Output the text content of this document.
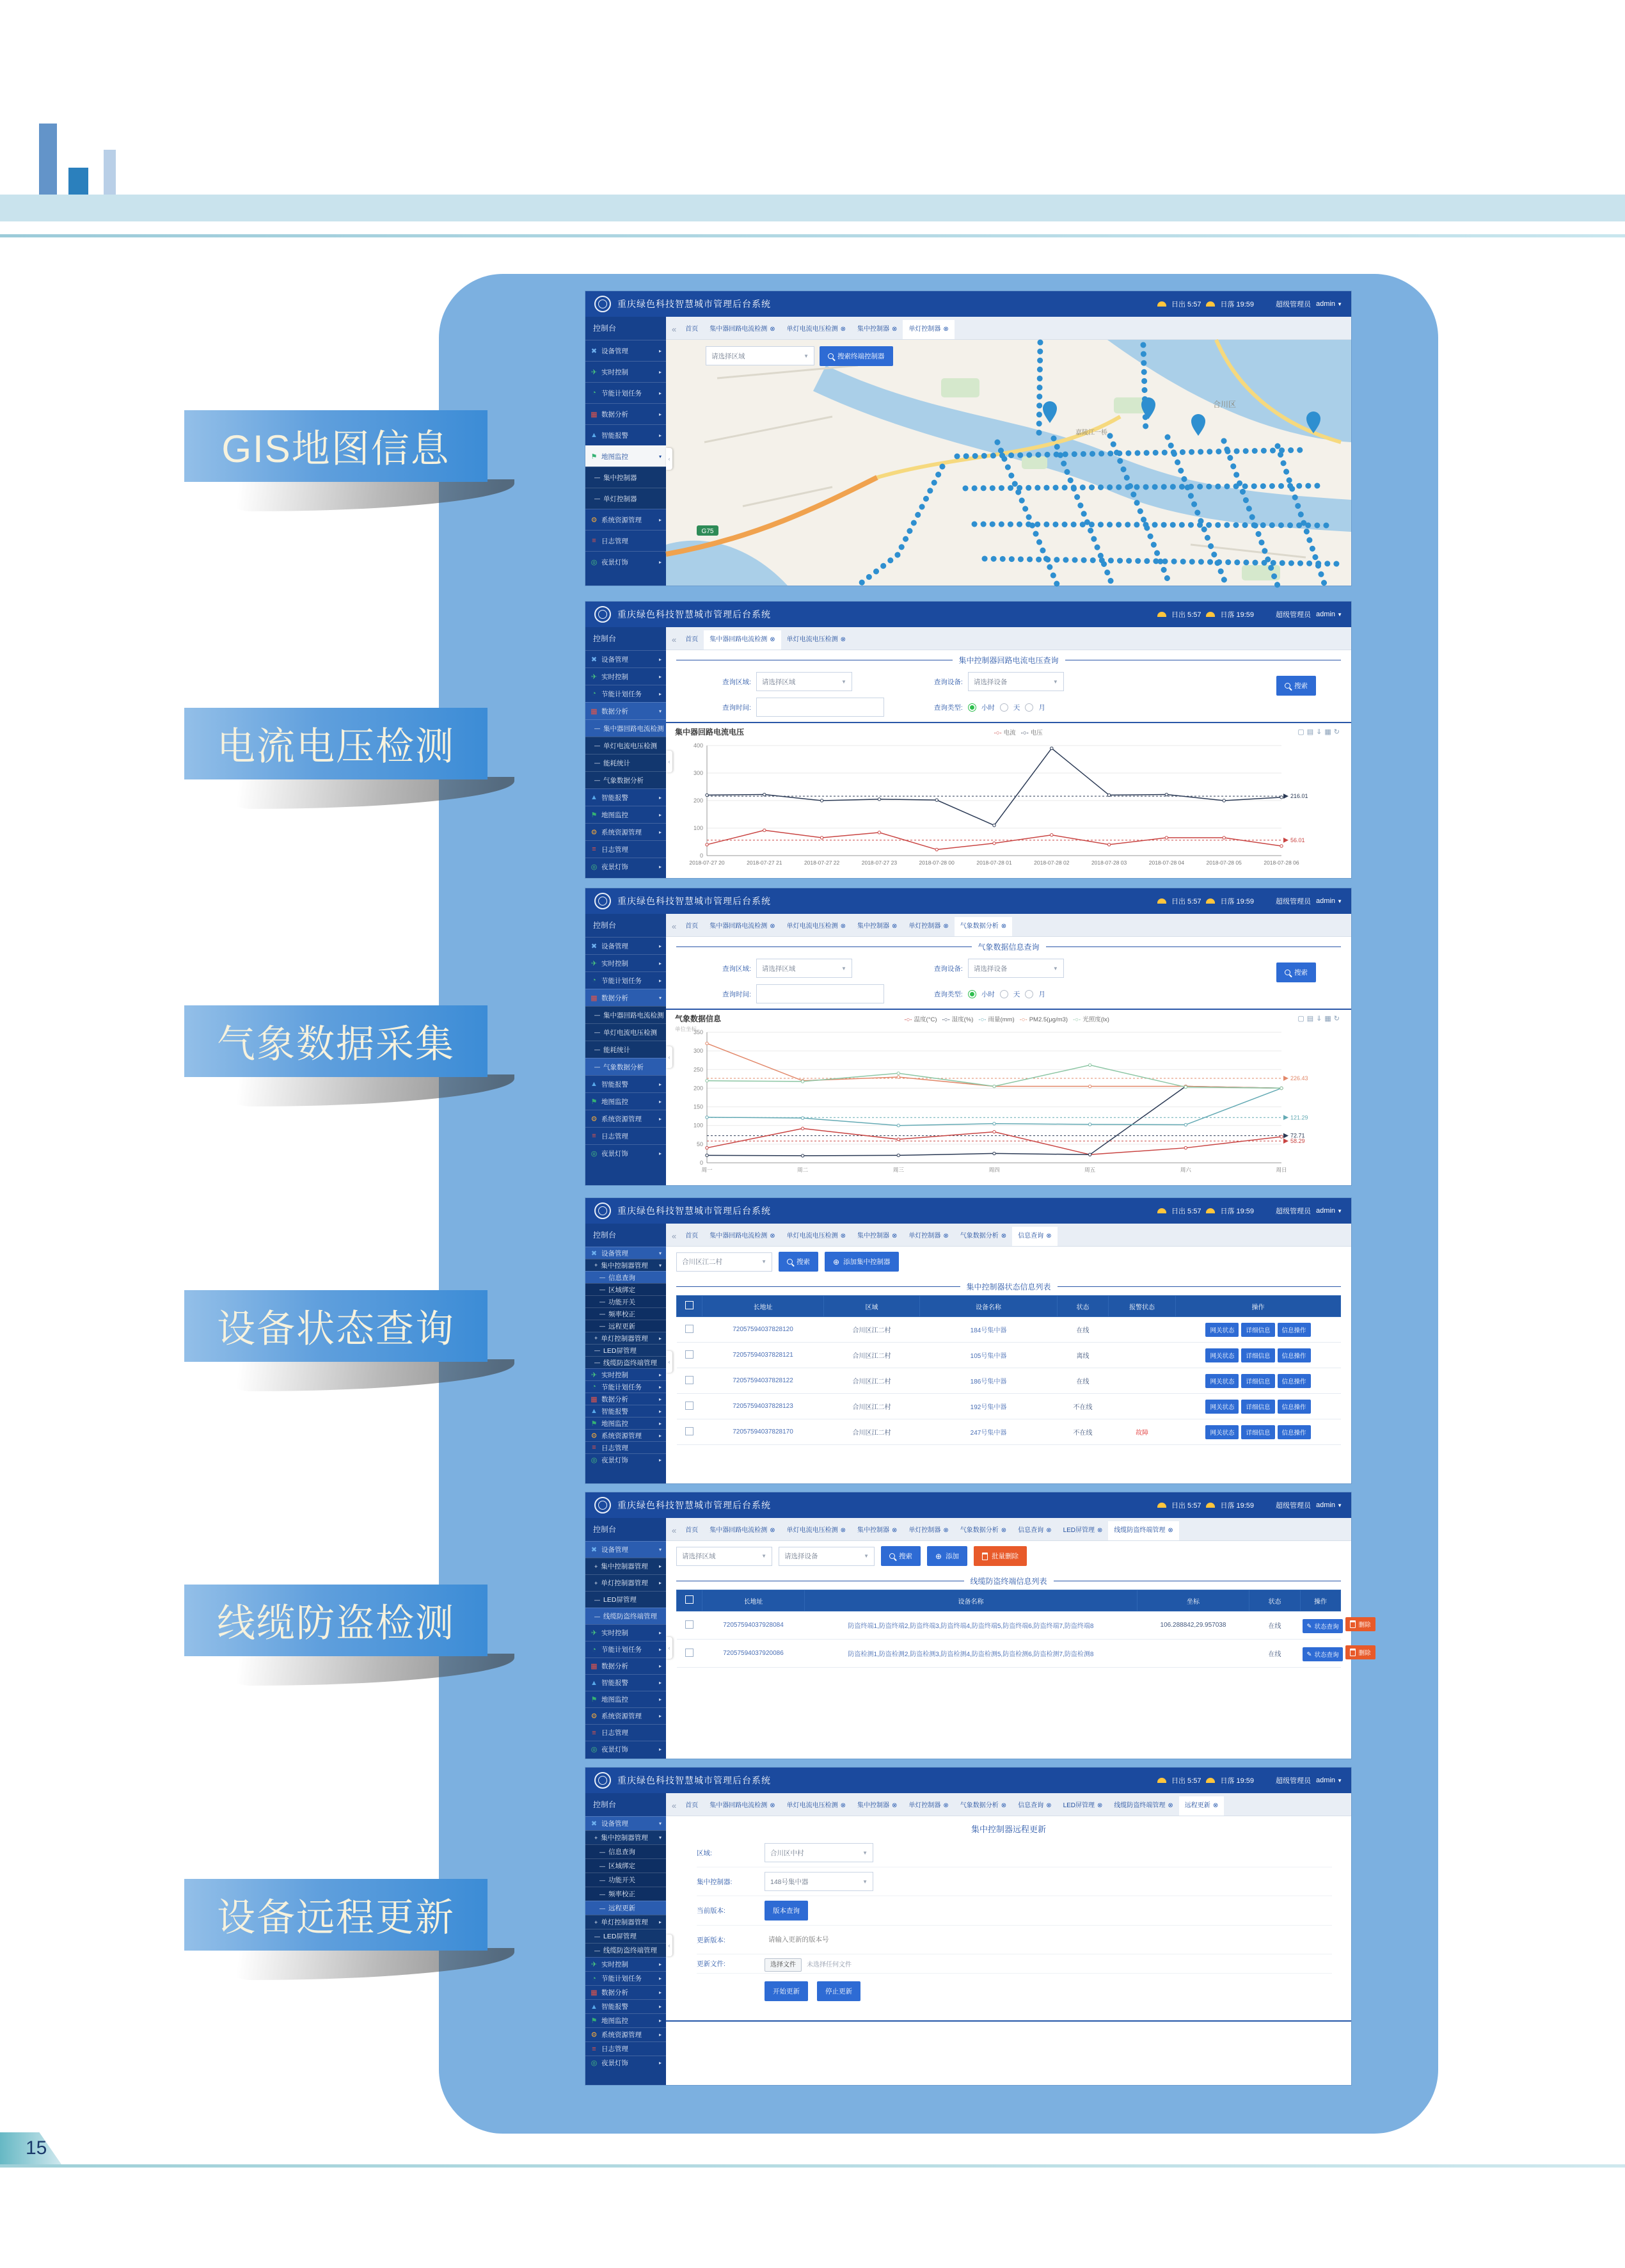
GIS地图信息
电流电压检测
气象数据采集
设备状态查询
线缆防盗检测
设备远程更新
重庆绿色科技智慧城市管理后台系统	日出 5:57	日落 19:59	超级管理员 admin ▼
控制台	«	首页 集中器回路电流检测 ⊗ 单灯电流电压检测 ⊗ 集中控制器 ⊗ 单灯控制器 ⊗
✖ 设备管理	▸
✈ 实时控制	▸
◔ 节能计划任务	▸
▦ 数据分析	▸
▲ 智能报警	▸
⚑ 地图监控	▾
— 集中控制器
— 单灯控制器
⚙ 系统资源管理	▸
≡ 日志管理
◎ 夜景灯饰	▸
‹
合川区
嘉陵江一桥
G75
请选择区域	▼	搜索终端控制器
重庆绿色科技智慧城市管理后台系统	日出 5:57	日落 19:59	超级管理员 admin ▼
控制台	«	首页 集中器回路电流检测 ⊗ 单灯电流电压检测 ⊗
✖ 设备管理	▸
✈ 实时控制	▸
◔ 节能计划任务	▸
▦ 数据分析	▾
— 集中器回路电流检测
— 单灯电流电压检测
— 能耗统计
— 气象数据分析
▲ 智能报警	▸
⚑ 地图监控	▸
⚙ 系统资源管理	▸
≡ 日志管理
◎ 夜景灯饰	▸
‹
集中控制器回路电流电压查询
查询区域: 请选择区域	▼	查询设备: 请选择设备	▼
查询时间:	查询类型:	小时	天	月
搜索
集中器回路电流电压	-○- 电流 -○- 电压	▢▤⇓▦↻
0
100
200
300
400
2018-07-27 20	2018-07-27 21	2018-07-27 22	2018-07-27 23	2018-07-28 00	2018-07-28 01	2018-07-28 02	2018-07-28 03	2018-07-28 04	2018-07-28 05	2018-07-28 06
56.01
216.01
重庆绿色科技智慧城市管理后台系统	日出 5:57	日落 19:59	超级管理员 admin ▼
控制台	«	首页 集中器回路电流检测 ⊗ 单灯电流电压检测 ⊗ 集中控制器 ⊗ 单灯控制器 ⊗ 气象数据分析 ⊗
✖ 设备管理	▸
✈ 实时控制	▸
◔ 节能计划任务	▸
▦ 数据分析	▾
— 集中器回路电流检测
— 单灯电流电压检测
— 能耗统计
— 气象数据分析
▲ 智能报警	▸
⚑ 地图监控	▸
⚙ 系统资源管理	▸
≡ 日志管理
◎ 夜景灯饰	▸
‹
气象数据信息查询
查询区域: 请选择区域	▼	查询设备: 请选择设备	▼
查询时间:	查询类型:	小时	天	月
搜索
气象数据信息
单位坐标
-○- 温度(°C) -○- 湿度(%) -○- 雨量(mm) -○- PM2.5(μg/m3) -○- 光照度(lx)	▢▤⇓▦↻
0
50
100
150
200
250
300
350
周一	周二	周三	周四	周五	周六	周日
58.29
72.71
121.29
226.43
重庆绿色科技智慧城市管理后台系统	日出 5:57	日落 19:59	超级管理员 admin ▼
控制台	«	首页 集中器回路电流检测 ⊗ 单灯电流电压检测 ⊗ 集中控制器 ⊗ 单灯控制器 ⊗ 气象数据分析 ⊗ 信息查询 ⊗
✖ 设备管理	▾
+ 集中控制器管理 ▾
— 信息查询
— 区域绑定
— 功能开关
— 频率校正
— 远程更新
+ 单灯控制器管理 ▸
— LED屏管理
— 线缆防盗终端管理
✈ 实时控制	▸
◔ 节能计划任务	▸
▦ 数据分析	▸
▲ 智能报警	▸
⚑ 地图监控	▸
⚙ 系统资源管理	▸
≡ 日志管理
◎ 夜景灯饰	▸
‹
合川区江二村	▼	搜索	⊕ 添加集中控制器
集中控制器状态信息列表
	长地址	区域	设备名称	状态	报警状态	操作
	72057594037828120	合川区江二村	184号集中器	在线		网关状态 详细信息 信息操作

	72057594037828121	合川区江二村	105号集中器	离线		网关状态 详细信息 信息操作

	72057594037828122	合川区江二村	186号集中器	在线		网关状态 详细信息 信息操作

	72057594037828123	合川区江二村	192号集中器	不在线		网关状态 详细信息 信息操作

	72057594037828170	合川区江二村	247号集中器	不在线	故障	网关状态 详细信息 信息操作
重庆绿色科技智慧城市管理后台系统	日出 5:57	日落 19:59	超级管理员 admin ▼
控制台	«	首页 集中器回路电流检测 ⊗ 单灯电流电压检测 ⊗ 集中控制器 ⊗ 单灯控制器 ⊗ 气象数据分析 ⊗ 信息查询 ⊗ LED屏管理 ⊗ 线缆防盗终端管理 ⊗
✖ 设备管理	▾
+ 集中控制器管理 ▸
+ 单灯控制器管理 ▸
— LED屏管理
— 线缆防盗终端管理
✈ 实时控制	▸
◔ 节能计划任务	▸
▦ 数据分析	▸
▲ 智能报警	▸
⚑ 地图监控	▸
⚙ 系统资源管理	▸
≡ 日志管理
◎ 夜景灯饰	▸
‹
请选择区域	▼	请选择设备	▼	搜索	⊕ 添加	批量删除
线缆防盗终端信息列表
	长地址	设备名称	坐标	状态	操作
	72057594037928084	防盗终端1,防盗终端2,防盗终端3,防盗终端4,防盗终端5,防盗终端6,防盗终端7,防盗终端8	106.288842,29.957038	在线	✎ 状态查询 删除

	72057594037920086	防盗检测1,防盗检测2,防盗检测3,防盗检测4,防盗检测5,防盗检测6,防盗检测7,防盗检测8		在线	✎ 状态查询 删除
重庆绿色科技智慧城市管理后台系统	日出 5:57	日落 19:59	超级管理员 admin ▼
控制台	«	首页 集中器回路电流检测 ⊗ 单灯电流电压检测 ⊗ 集中控制器 ⊗ 单灯控制器 ⊗ 气象数据分析 ⊗ 信息查询 ⊗ LED屏管理 ⊗ 线缆防盗终端管理 ⊗ 远程更新 ⊗
✖ 设备管理	▾
+ 集中控制器管理 ▾
— 信息查询
— 区域绑定
— 功能开关
— 频率校正
— 远程更新
+ 单灯控制器管理 ▸
— LED屏管理
— 线缆防盗终端管理
✈ 实时控制	▸
◔ 节能计划任务	▸
▦ 数据分析	▸
▲ 智能报警	▸
⚑ 地图监控	▸
⚙ 系统资源管理	▸
≡ 日志管理
◎ 夜景灯饰	▸
‹
集中控制器远程更新
区域:	合川区中村	▼
集中控制器:	148号集中器	▼
当前版本:	版本查询
更新版本:
请输入更新的版本号
更新文件:	选择文件 未选择任何文件
开始更新	停止更新
15
